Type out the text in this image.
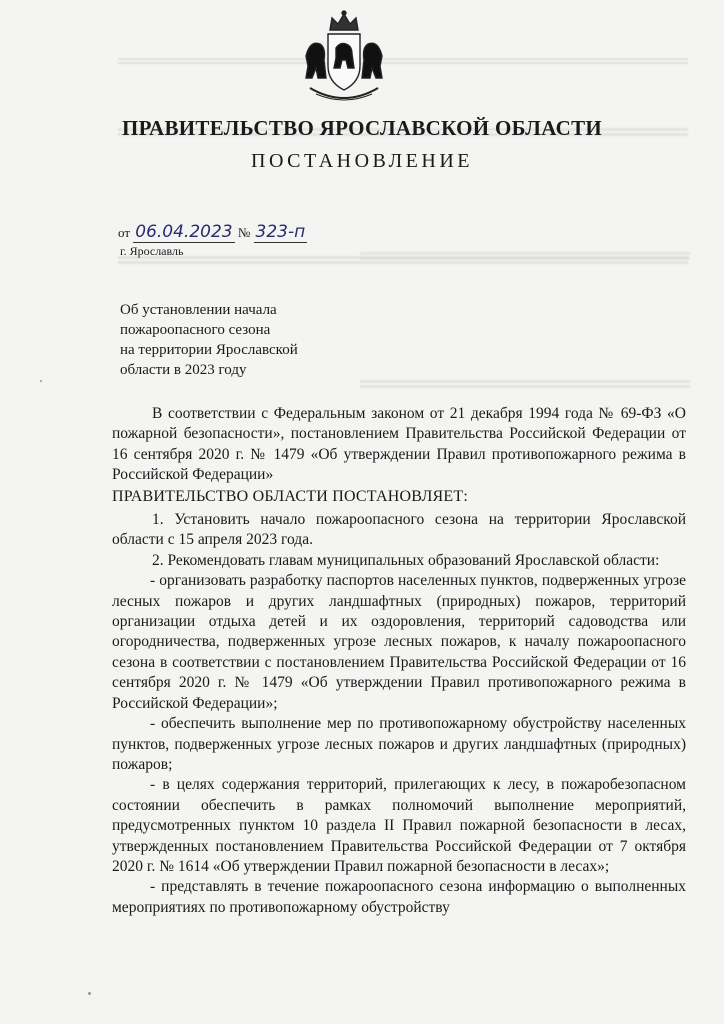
ПРАВИТЕЛЬСТВО ЯРОСЛАВСКОЙ ОБЛАСТИ
ПОСТАНОВЛЕНИЕ
от 06.04.2023 № 323-п
г. Ярославль
Об установлении начала
пожароопасного сезона
на территории Ярославской
области в 2023 году

В соответствии с Федеральным законом от 21 декабря 1994 года № 69-ФЗ «О пожарной безопасности», постановлением Правительства Российской Федерации от 16 сентября 2020 г. № 1479 «Об утверждении Правил противопожарного режима в Российской Федерации»

ПРАВИТЕЛЬСТВО ОБЛАСТИ ПОСТАНОВЛЯЕТ:

1. Установить начало пожароопасного сезона на территории Ярославской области с 15 апреля 2023 года.

2. Рекомендовать главам муниципальных образований Ярославской области:

- организовать разработку паспортов населенных пунктов, подверженных угрозе лесных пожаров и других ландшафтных (природных) пожаров, территорий организации отдыха детей и их оздоровления, территорий садоводства или огородничества, подверженных угрозе лесных пожаров, к началу пожароопасного сезона в соответствии с постановлением Правительства Российской Федерации от 16 сентября 2020 г. № 1479 «Об утверждении Правил противопожарного режима в Российской Федерации»;

- обеспечить выполнение мер по противопожарному обустройству населенных пунктов, подверженных угрозе лесных пожаров и других ландшафтных (природных) пожаров;

- в целях содержания территорий, прилегающих к лесу, в пожаробезопасном состоянии обеспечить в рамках полномочий выполнение мероприятий, предусмотренных пунктом 10 раздела II Правил пожарной безопасности в лесах, утвержденных постановлением Правительства Российской Федерации от 7 октября 2020 г. № 1614 «Об утверждении Правил пожарной безопасности в лесах»;

- представлять в течение пожароопасного сезона информацию о выполненных мероприятиях по противопожарному обустройству
